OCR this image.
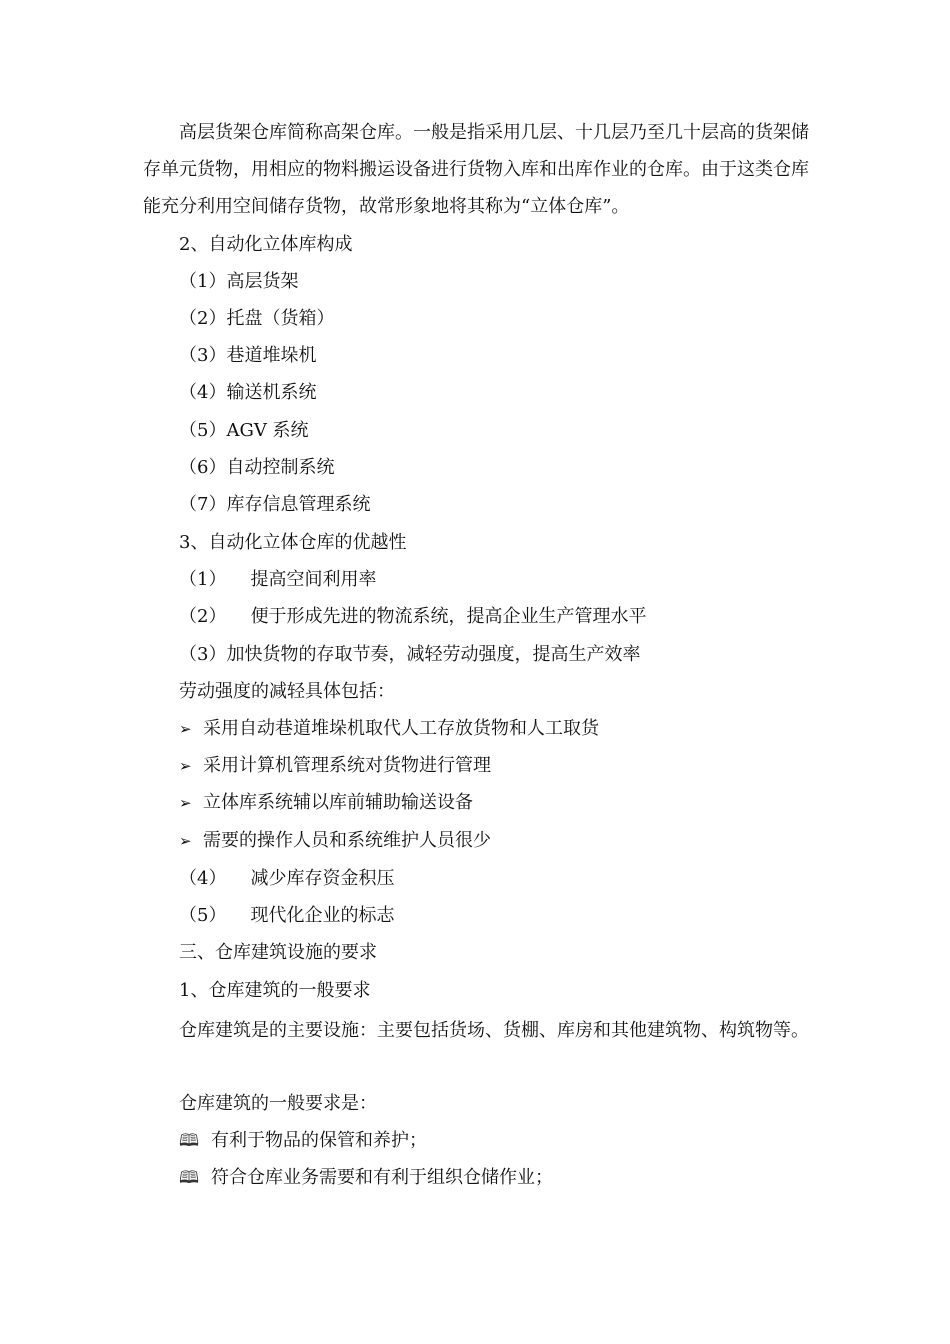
高层货架仓库简称高架仓库。一般是指采用几层、十几层乃至几十层高的货架储存单元货物，用相应的物料搬运设备进行货物入库和出库作业的仓库。由于这类仓库能充分利用空间储存货物，故常形象地将其称为“立体仓库”。

2、自动化立体库构成

（1）高层货架

（2）托盘（货箱）

（3）巷道堆垛机

（4）输送机系统

（5）AGV 系统

（6）自动控制系统

（7）库存信息管理系统

3、自动化立体仓库的优越性

（1） 提高空间利用率

（2） 便于形成先进的物流系统，提高企业生产管理水平

（3）加快货物的存取节奏，减轻劳动强度，提高生产效率

劳动强度的减轻具体包括：

➢ 采用自动巷道堆垛机取代人工存放货物和人工取货

➢ 采用计算机管理系统对货物进行管理

➢ 立体库系统辅以库前辅助输送设备

➢ 需要的操作人员和系统维护人员很少

（4） 减少库存资金积压

（5） 现代化企业的标志

三、仓库建筑设施的要求

1、仓库建筑的一般要求

仓库建筑是的主要设施：主要包括货场、货棚、库房和其他建筑物、构筑物等。

仓库建筑的一般要求是：

🕮 有利于物品的保管和养护；

🕮 符合仓库业务需要和有利于组织仓储作业；
